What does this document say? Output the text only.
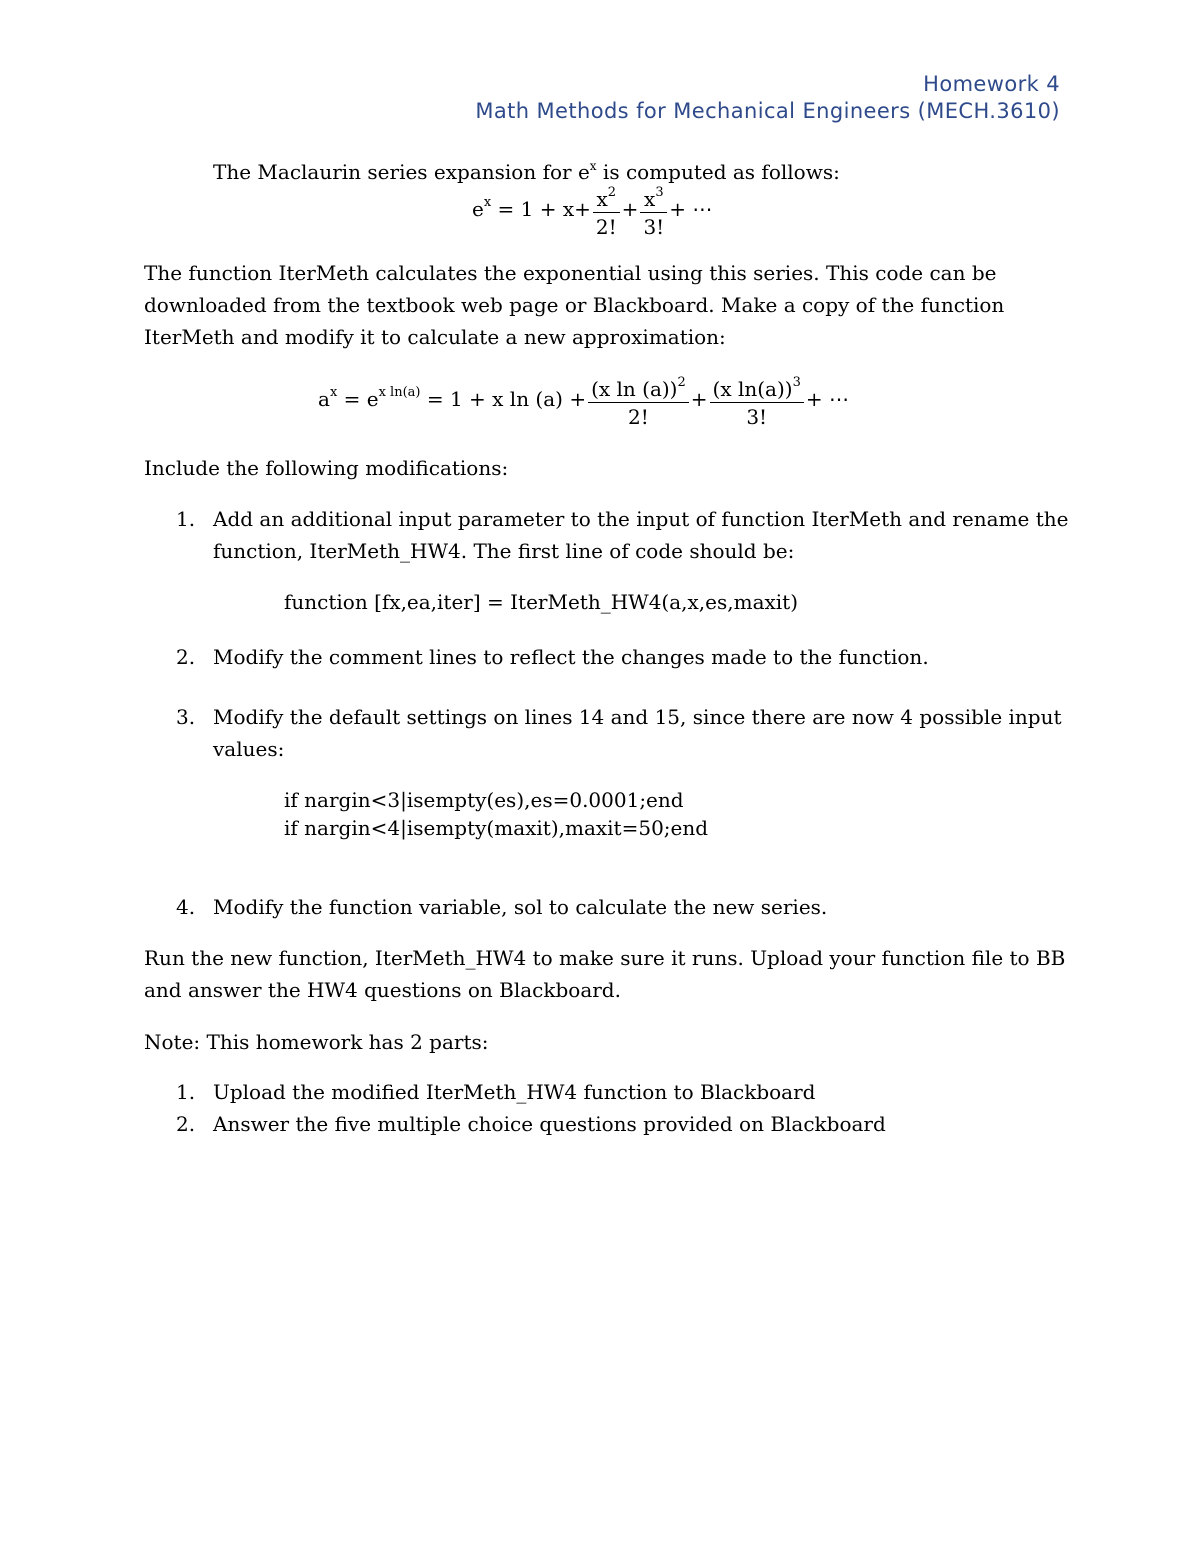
Homework 4
Math Methods for Mechanical Engineers (MECH.3610)
The Maclaurin series expansion for $e^x$ is computed as follows:
$e^x = 1 + x+ \frac{x^2}{2!} + \frac{x^3}{3!}$ + ⋯
The function IterMeth calculates the exponential using this series. This code can be
downloaded from the textbook web page or Blackboard. Make a copy of the function
IterMeth and modify it to calculate a new approximation:
$a^x = e^{x ln(a)} = 1 + x$ $\ln (a) + \frac{(x \ln (a))^2}{2!} + \frac{(x \ln(a))^3}{3!}$ + ⋯
Include the following modifications:
1. Add an additional input parameter to the input of function IterMeth and rename the
function, IterMeth_HW4. The first line of code should be:
function [fx,ea,iter] = IterMeth_HW4(a,x,es,maxit)
2. Modify the comment lines to reflect the changes made to the function.
3. Modify the default settings on lines 14 and 15, since there are now 4 possible input
values:
if nargin<3|isempty(es),es=0.0001;end
if nargin<4|isempty(maxit),maxit=50;end
4. Modify the function variable, sol to calculate the new series.
Run the new function, IterMeth_HW4 to make sure it runs. Upload your function file to BB
and answer the HW4 questions on Blackboard.
Note: This homework has 2 parts:
1. Upload the modified IterMeth_HW4 function to Blackboard
2. Answer the five multiple choice questions provided on Blackboard
